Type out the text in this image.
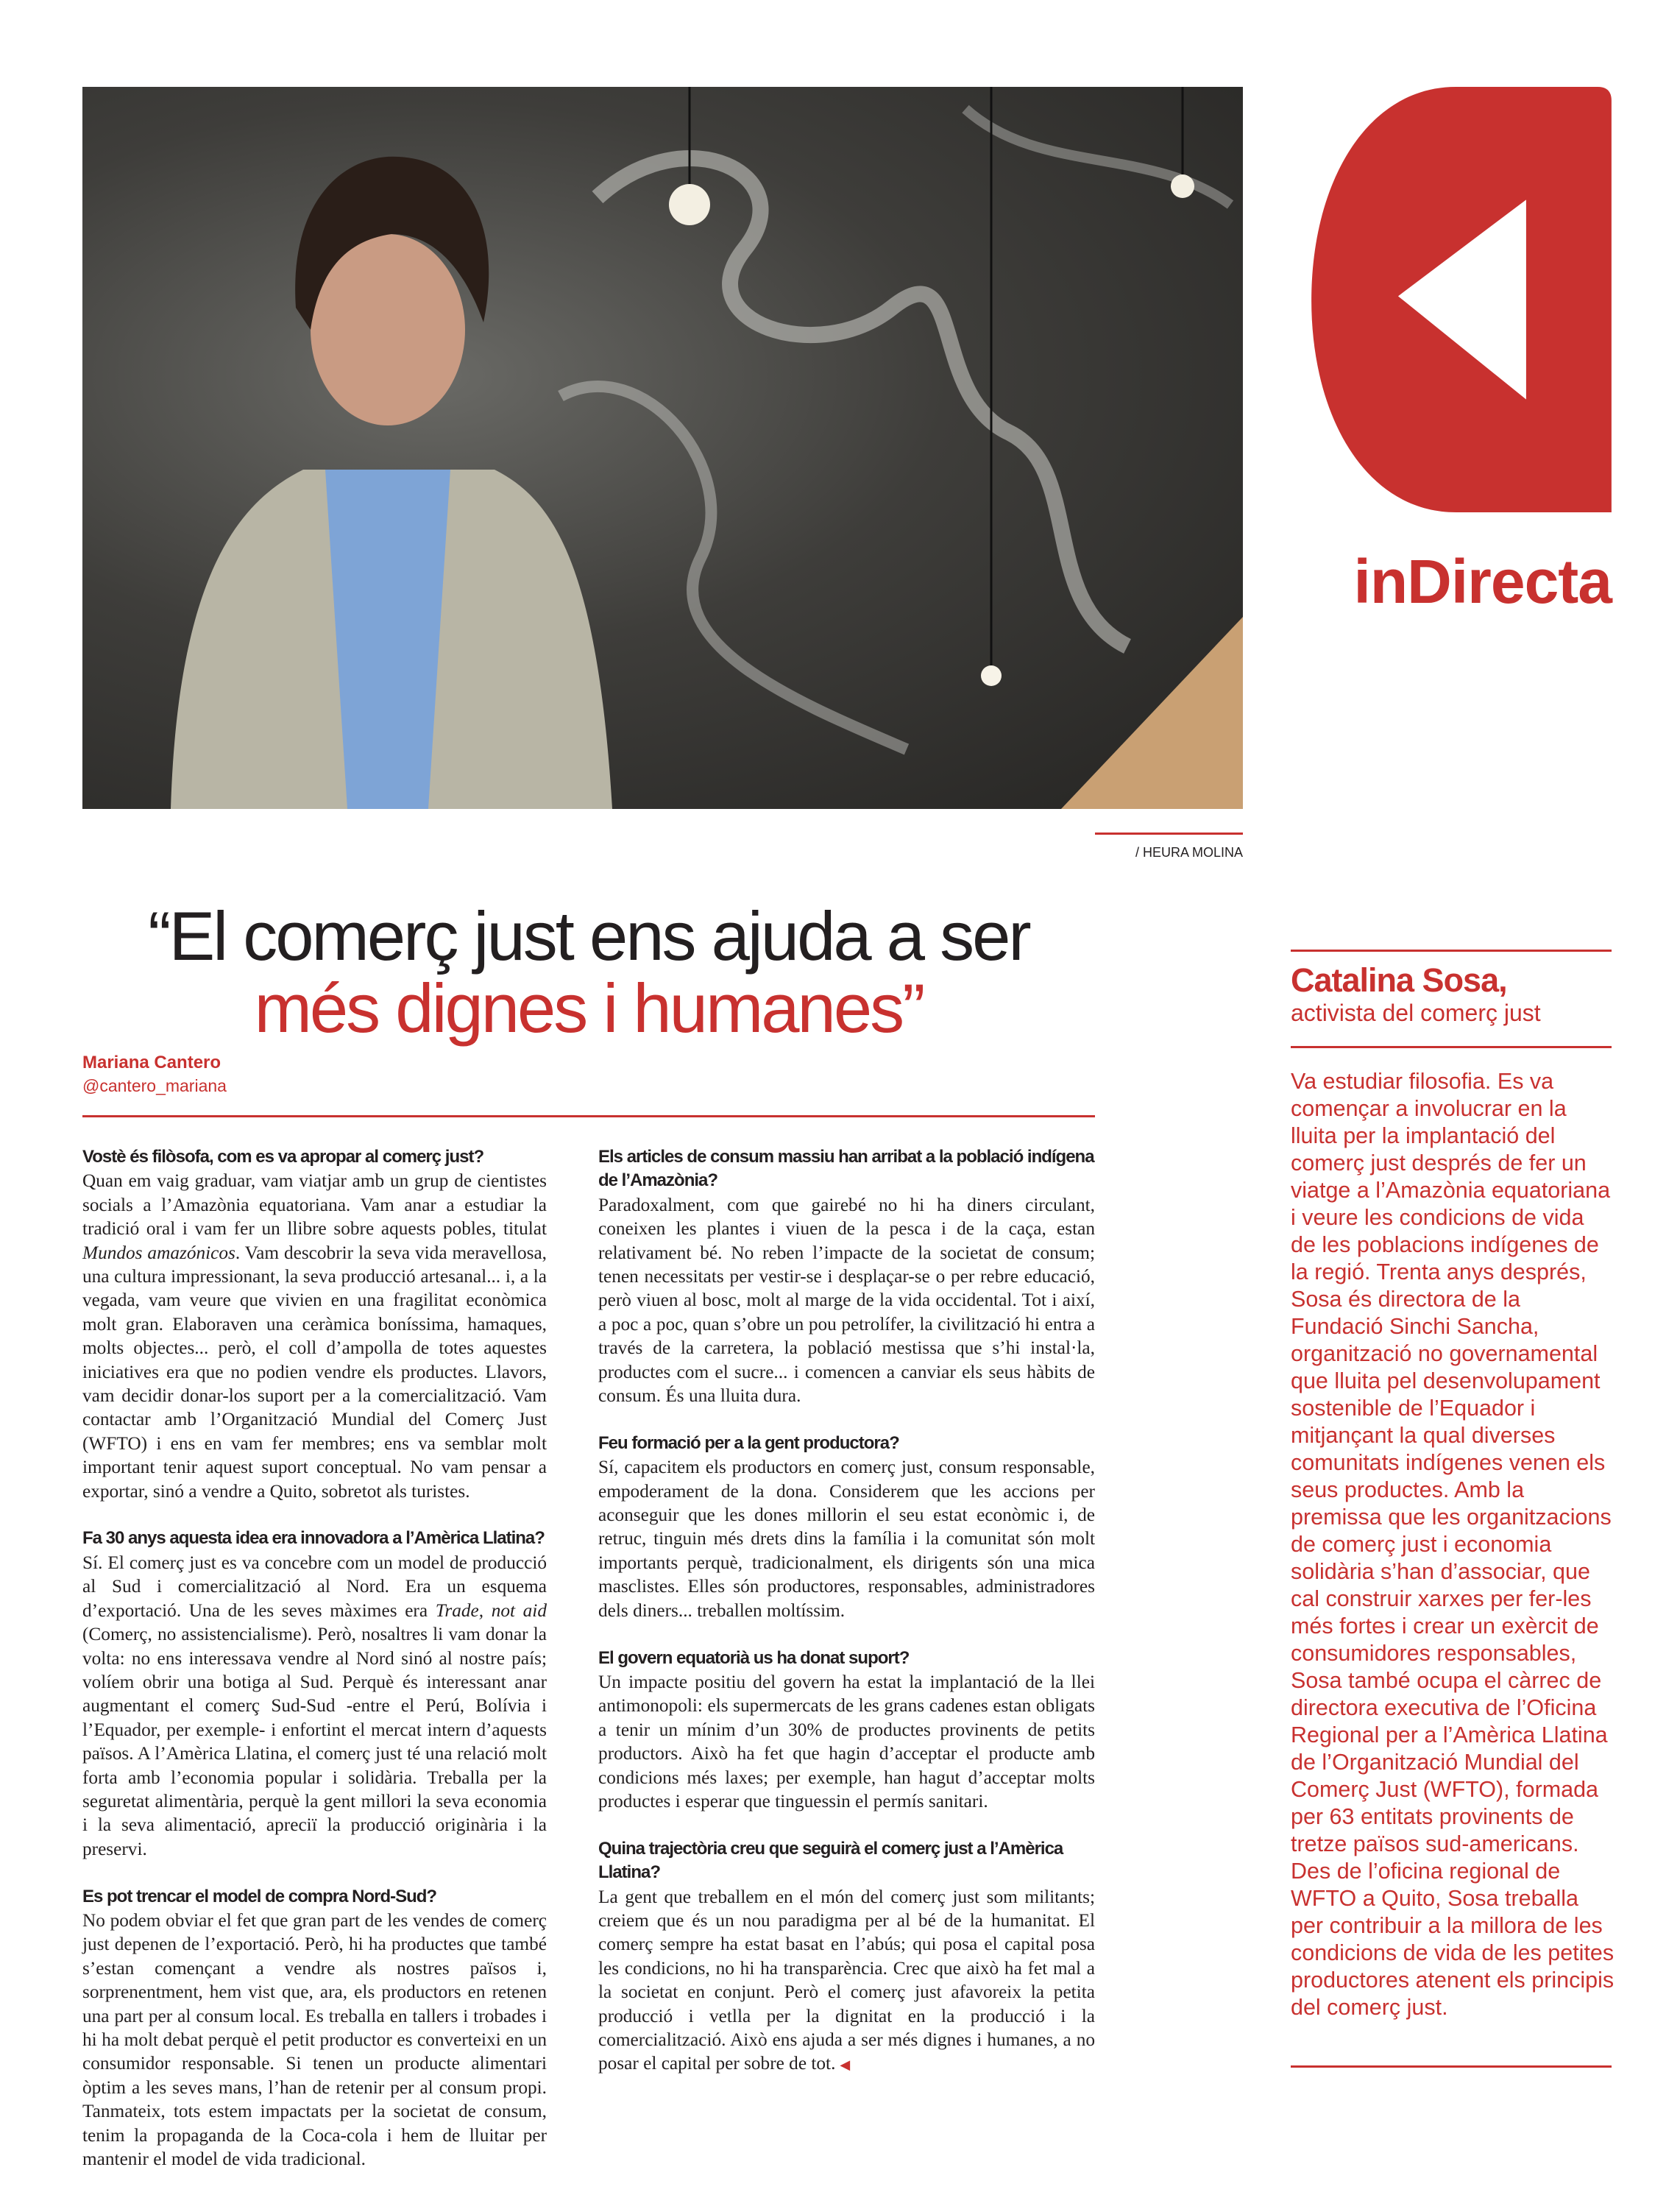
inDirecta
/ HEURA MOLINA
“El comerç just ens ajuda a ser
més dignes i humanes”
Mariana Cantero
@cantero_mariana

Vostè és filòsofa, com es va apropar al comerç just?

Quan em vaig graduar, vam viatjar amb un grup de cientistes socials a l’Amazònia equatoriana. Vam anar a estudiar la tradició oral i vam fer un llibre sobre aquests pobles, titulat Mundos amazónicos. Vam descobrir la seva vida meravellosa, una cultura impressionant, la seva producció artesanal... i, a la vegada, vam veure que vivien en una fragilitat econòmica molt gran. Elaboraven una ceràmica boníssima, hamaques, molts objectes... però, el coll d’ampolla de totes aquestes iniciatives era que no podien vendre els productes. Llavors, vam decidir donar-los suport per a la comercialització. Vam contactar amb l’Organització Mundial del Comerç Just (WFTO) i ens en vam fer membres; ens va semblar molt important tenir aquest suport conceptual. No vam pensar a exportar, sinó a vendre a Quito, sobretot als turistes.

Fa 30 anys aquesta idea era innovadora a l’Amèrica Llatina?

Sí. El comerç just es va concebre com un model de producció al Sud i comercialització al Nord. Era un esquema d’exportació. Una de les seves màximes era Trade, not aid (Comerç, no assistencialisme). Però, nosaltres li vam donar la volta: no ens interessava vendre al Nord sinó al nostre país; volíem obrir una botiga al Sud. Perquè és interessant anar augmentant el comerç Sud-Sud -entre el Perú, Bolívia i l’Equador, per exemple- i enfortint el mercat intern d’aquests països. A l’Amèrica Llatina, el comerç just té una relació molt forta amb l’economia popular i solidària. Treballa per la seguretat alimentària, perquè la gent millori la seva economia i la seva alimentació, apreciï la producció originària i la preservi.

Es pot trencar el model de compra Nord-Sud?

No podem obviar el fet que gran part de les vendes de comerç just depenen de l’exportació. Però, hi ha productes que també s’estan començant a vendre als nostres països i, sorprenentment, hem vist que, ara, els productors en retenen una part per al consum local. Es treballa en tallers i trobades i hi ha molt debat perquè el petit productor es converteixi en un consumidor responsable. Si tenen un producte alimentari òptim a les seves mans, l’han de retenir per al consum propi. Tanmateix, tots estem impactats per la societat de consum, tenim la propaganda de la Coca-cola i hem de lluitar per mantenir el model de vida tradicional.

Els articles de consum massiu han arribat a la població indígena de l’Amazònia?

Paradoxalment, com que gairebé no hi ha diners circulant, coneixen les plantes i viuen de la pesca i de la caça, estan relativament bé. No reben l’impacte de la societat de consum; tenen necessitats per vestir-se i desplaçar-se o per rebre educació, però viuen al bosc, molt al marge de la vida occidental. Tot i així, a poc a poc, quan s’obre un pou petrolífer, la civilització hi entra a través de la carretera, la població mestissa que s’hi instal·la, productes com el sucre... i comencen a canviar els seus hàbits de consum. És una lluita dura.

Feu formació per a la gent productora?

Sí, capacitem els productors en comerç just, consum responsable, empoderament de la dona. Considerem que les accions per aconseguir que les dones millorin el seu estat econòmic i, de retruc, tinguin més drets dins la família i la comunitat són molt importants perquè, tradicionalment, els dirigents són una mica masclistes. Elles són productores, responsables, administradores dels diners... treballen moltíssim.

El govern equatorià us ha donat suport?

Un impacte positiu del govern ha estat la implantació de la llei antimonopoli: els supermercats de les grans cadenes estan obligats a tenir un mínim d’un 30% de productes provinents de petits productors. Això ha fet que hagin d’acceptar el producte amb condicions més laxes; per exemple, han hagut d’acceptar molts productes i esperar que tinguessin el permís sanitari.

Quina trajectòria creu que seguirà el comerç just a l’Amèrica Llatina?

La gent que treballem en el món del comerç just som militants; creiem que és un nou paradigma per al bé de la humanitat. El comerç sempre ha estat basat en l’abús; qui posa el capital posa les condicions, no hi ha transparència. Crec que això ha fet mal a la societat en conjunt. Però el comerç just afavoreix la petita producció i vetlla per la dignitat en la producció i la comercialització. Això ens ajuda a ser més dignes i humanes, a no posar el capital per sobre de tot. ◀

Catalina Sosa,
activista del comerç just

Va estudiar filosofia. Es va començar a involucrar en la lluita per la implantació del comerç just després de fer un viatge a l’Amazònia equatoriana i veure les condicions de vida de les poblacions indígenes de la regió. Trenta anys després, Sosa és directora de la Fundació Sinchi Sancha, organització no governamental que lluita pel desenvolupament sostenible de l’Equador i mitjançant la qual diverses comunitats indígenes venen els seus productes. Amb la premissa que les organitzacions de comerç just i economia solidària s’han d’associar, que cal construir xarxes per fer-les més fortes i crear un exèrcit de consumidores responsables, Sosa també ocupa el càrrec de directora executiva de l’Oficina Regional per a l’Amèrica Llatina de l’Organització Mundial del Comerç Just (WFTO), formada per 63 entitats provinents de tretze països sud-americans. Des de l’oficina regional de WFTO a Quito, Sosa treballa per contribuir a la millora de les condicions de vida de les petites productores atenent els principis del comerç just.
